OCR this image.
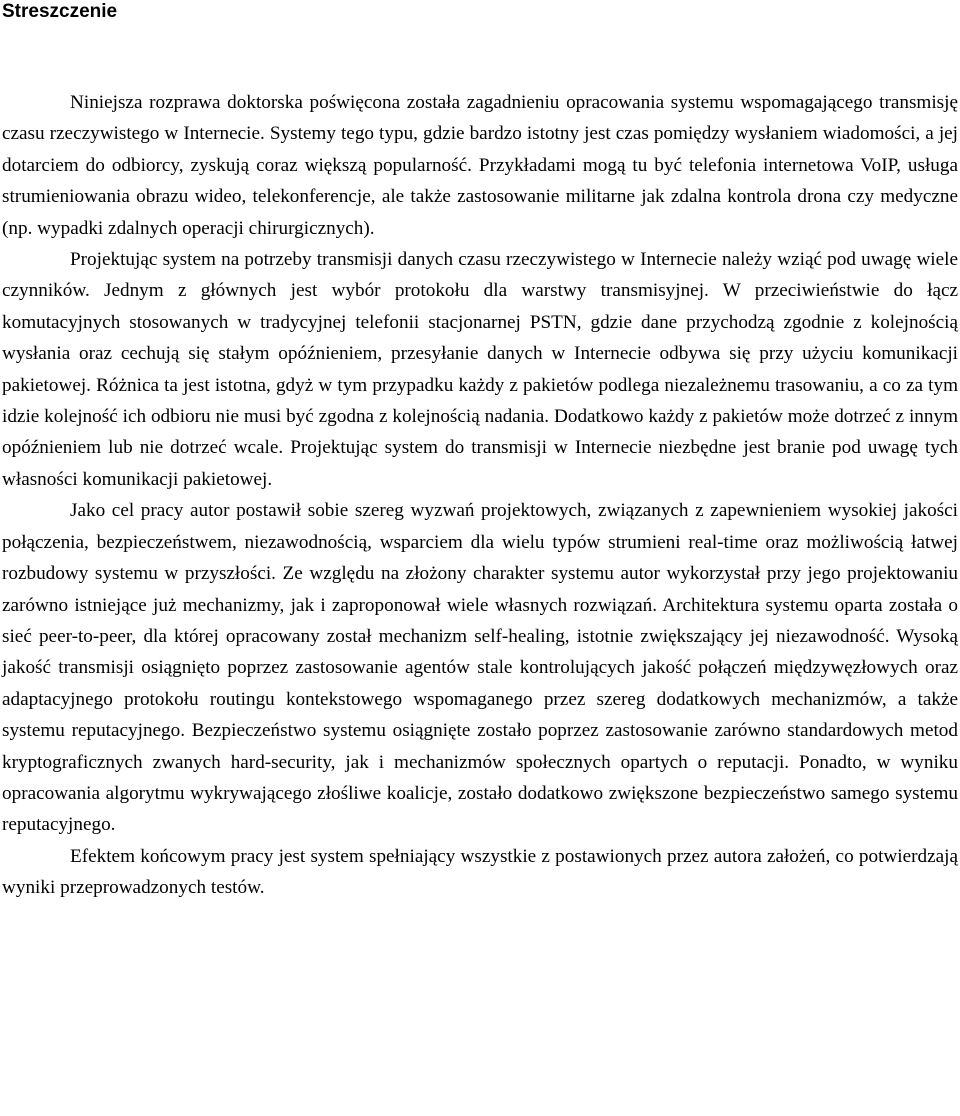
Streszczenie

Niniejsza rozprawa doktorska poświęcona została zagadnieniu opracowania systemu wspomagającego transmisję czasu rzeczywistego w Internecie. Systemy tego typu, gdzie bardzo istotny jest czas pomiędzy wysłaniem wiadomości, a jej dotarciem do odbiorcy, zyskują coraz większą popularność. Przykładami mogą tu być telefonia internetowa VoIP, usługa strumieniowania obrazu wideo, telekonferencje, ale także zastosowanie militarne jak zdalna kontrola drona czy medyczne (np. wypadki zdalnych operacji chirurgicznych).

Projektując system na potrzeby transmisji danych czasu rzeczywistego w Internecie należy wziąć pod uwagę wiele czynników. Jednym z głównych jest wybór protokołu dla warstwy transmisyjnej. W przeciwieństwie do łącz komutacyjnych stosowanych w tradycyjnej telefonii stacjonarnej PSTN, gdzie dane przychodzą zgodnie z kolejnością wysłania oraz cechują się stałym opóźnieniem, przesyłanie danych w Internecie odbywa się przy użyciu komunikacji pakietowej. Różnica ta jest istotna, gdyż w tym przypadku każdy z pakietów podlega niezależnemu trasowaniu, a co za tym idzie kolejność ich odbioru nie musi być zgodna z kolejnością nadania. Dodatkowo każdy z pakietów może dotrzeć z innym opóźnieniem lub nie dotrzeć wcale. Projektując system do transmisji w Internecie niezbędne jest branie pod uwagę tych własności komunikacji pakietowej.

Jako cel pracy autor postawił sobie szereg wyzwań projektowych, związanych z zapewnieniem wysokiej jakości połączenia, bezpieczeństwem, niezawodnością, wsparciem dla wielu typów strumieni real-time oraz możliwością łatwej rozbudowy systemu w przyszłości. Ze względu na złożony charakter systemu autor wykorzystał przy jego projektowaniu zarówno istniejące już mechanizmy, jak i zaproponował wiele własnych rozwiązań. Architektura systemu oparta została o sieć peer-to-peer, dla której opracowany został mechanizm self-healing, istotnie zwiększający jej niezawodność. Wysoką jakość transmisji osiągnięto poprzez zastosowanie agentów stale kontrolujących jakość połączeń międzywęzłowych oraz adaptacyjnego protokołu routingu kontekstowego wspomaganego przez szereg dodatkowych mechanizmów, a także systemu reputacyjnego. Bezpieczeństwo systemu osiągnięte zostało poprzez zastosowanie zarówno standardowych metod kryptograficznych zwanych hard-security, jak i mechanizmów społecznych opartych o reputacji. Ponadto, w wyniku opracowania algorytmu wykrywającego złośliwe koalicje, zostało dodatkowo zwiększone bezpieczeństwo samego systemu reputacyjnego.

Efektem końcowym pracy jest system spełniający wszystkie z postawionych przez autora założeń, co potwierdzają wyniki przeprowadzonych testów.
